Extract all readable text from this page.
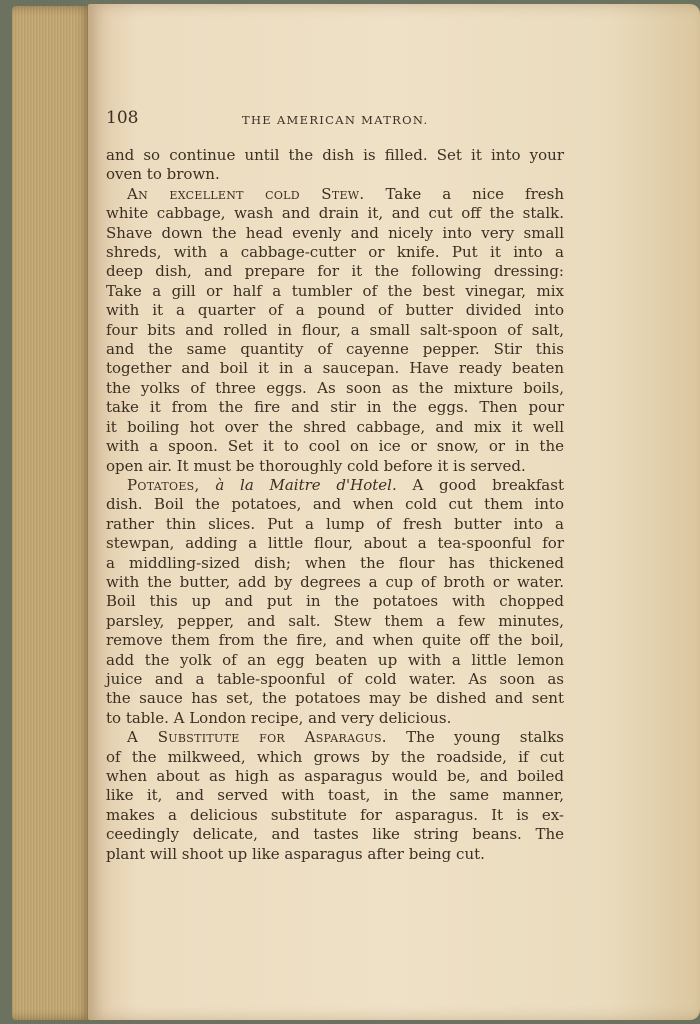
108	THE AMERICAN MATRON.
and so continue until the dish is filled. Set it into your
oven to brown.
An excellent cold Stew. Take a nice fresh
white cabbage, wash and drain it, and cut off the stalk.
Shave down the head evenly and nicely into very small
shreds, with a cabbage-cutter or knife. Put it into a
deep dish, and prepare for it the following dressing:
Take a gill or half a tumbler of the best vinegar, mix
with it a quarter of a pound of butter divided into
four bits and rolled in flour, a small salt-spoon of salt,
and the same quantity of cayenne pepper. Stir this
together and boil it in a saucepan. Have ready beaten
the yolks of three eggs. As soon as the mixture boils,
take it from the fire and stir in the eggs. Then pour
it boiling hot over the shred cabbage, and mix it well
with a spoon. Set it to cool on ice or snow, or in the
open air. It must be thoroughly cold before it is served.
Potatoes, à la Maitre d'Hotel. A good breakfast
dish. Boil the potatoes, and when cold cut them into
rather thin slices. Put a lump of fresh butter into a
stewpan, adding a little flour, about a tea-spoonful for
a middling-sized dish; when the flour has thickened
with the butter, add by degrees a cup of broth or water.
Boil this up and put in the potatoes with chopped
parsley, pepper, and salt. Stew them a few minutes,
remove them from the fire, and when quite off the boil,
add the yolk of an egg beaten up with a little lemon
juice and a table-spoonful of cold water. As soon as
the sauce has set, the potatoes may be dished and sent
to table. A London recipe, and very delicious.
A Substitute for Asparagus. The young stalks
of the milkweed, which grows by the roadside, if cut
when about as high as asparagus would be, and boiled
like it, and served with toast, in the same manner,
makes a delicious substitute for asparagus. It is ex-
ceedingly delicate, and tastes like string beans. The
plant will shoot up like asparagus after being cut.
